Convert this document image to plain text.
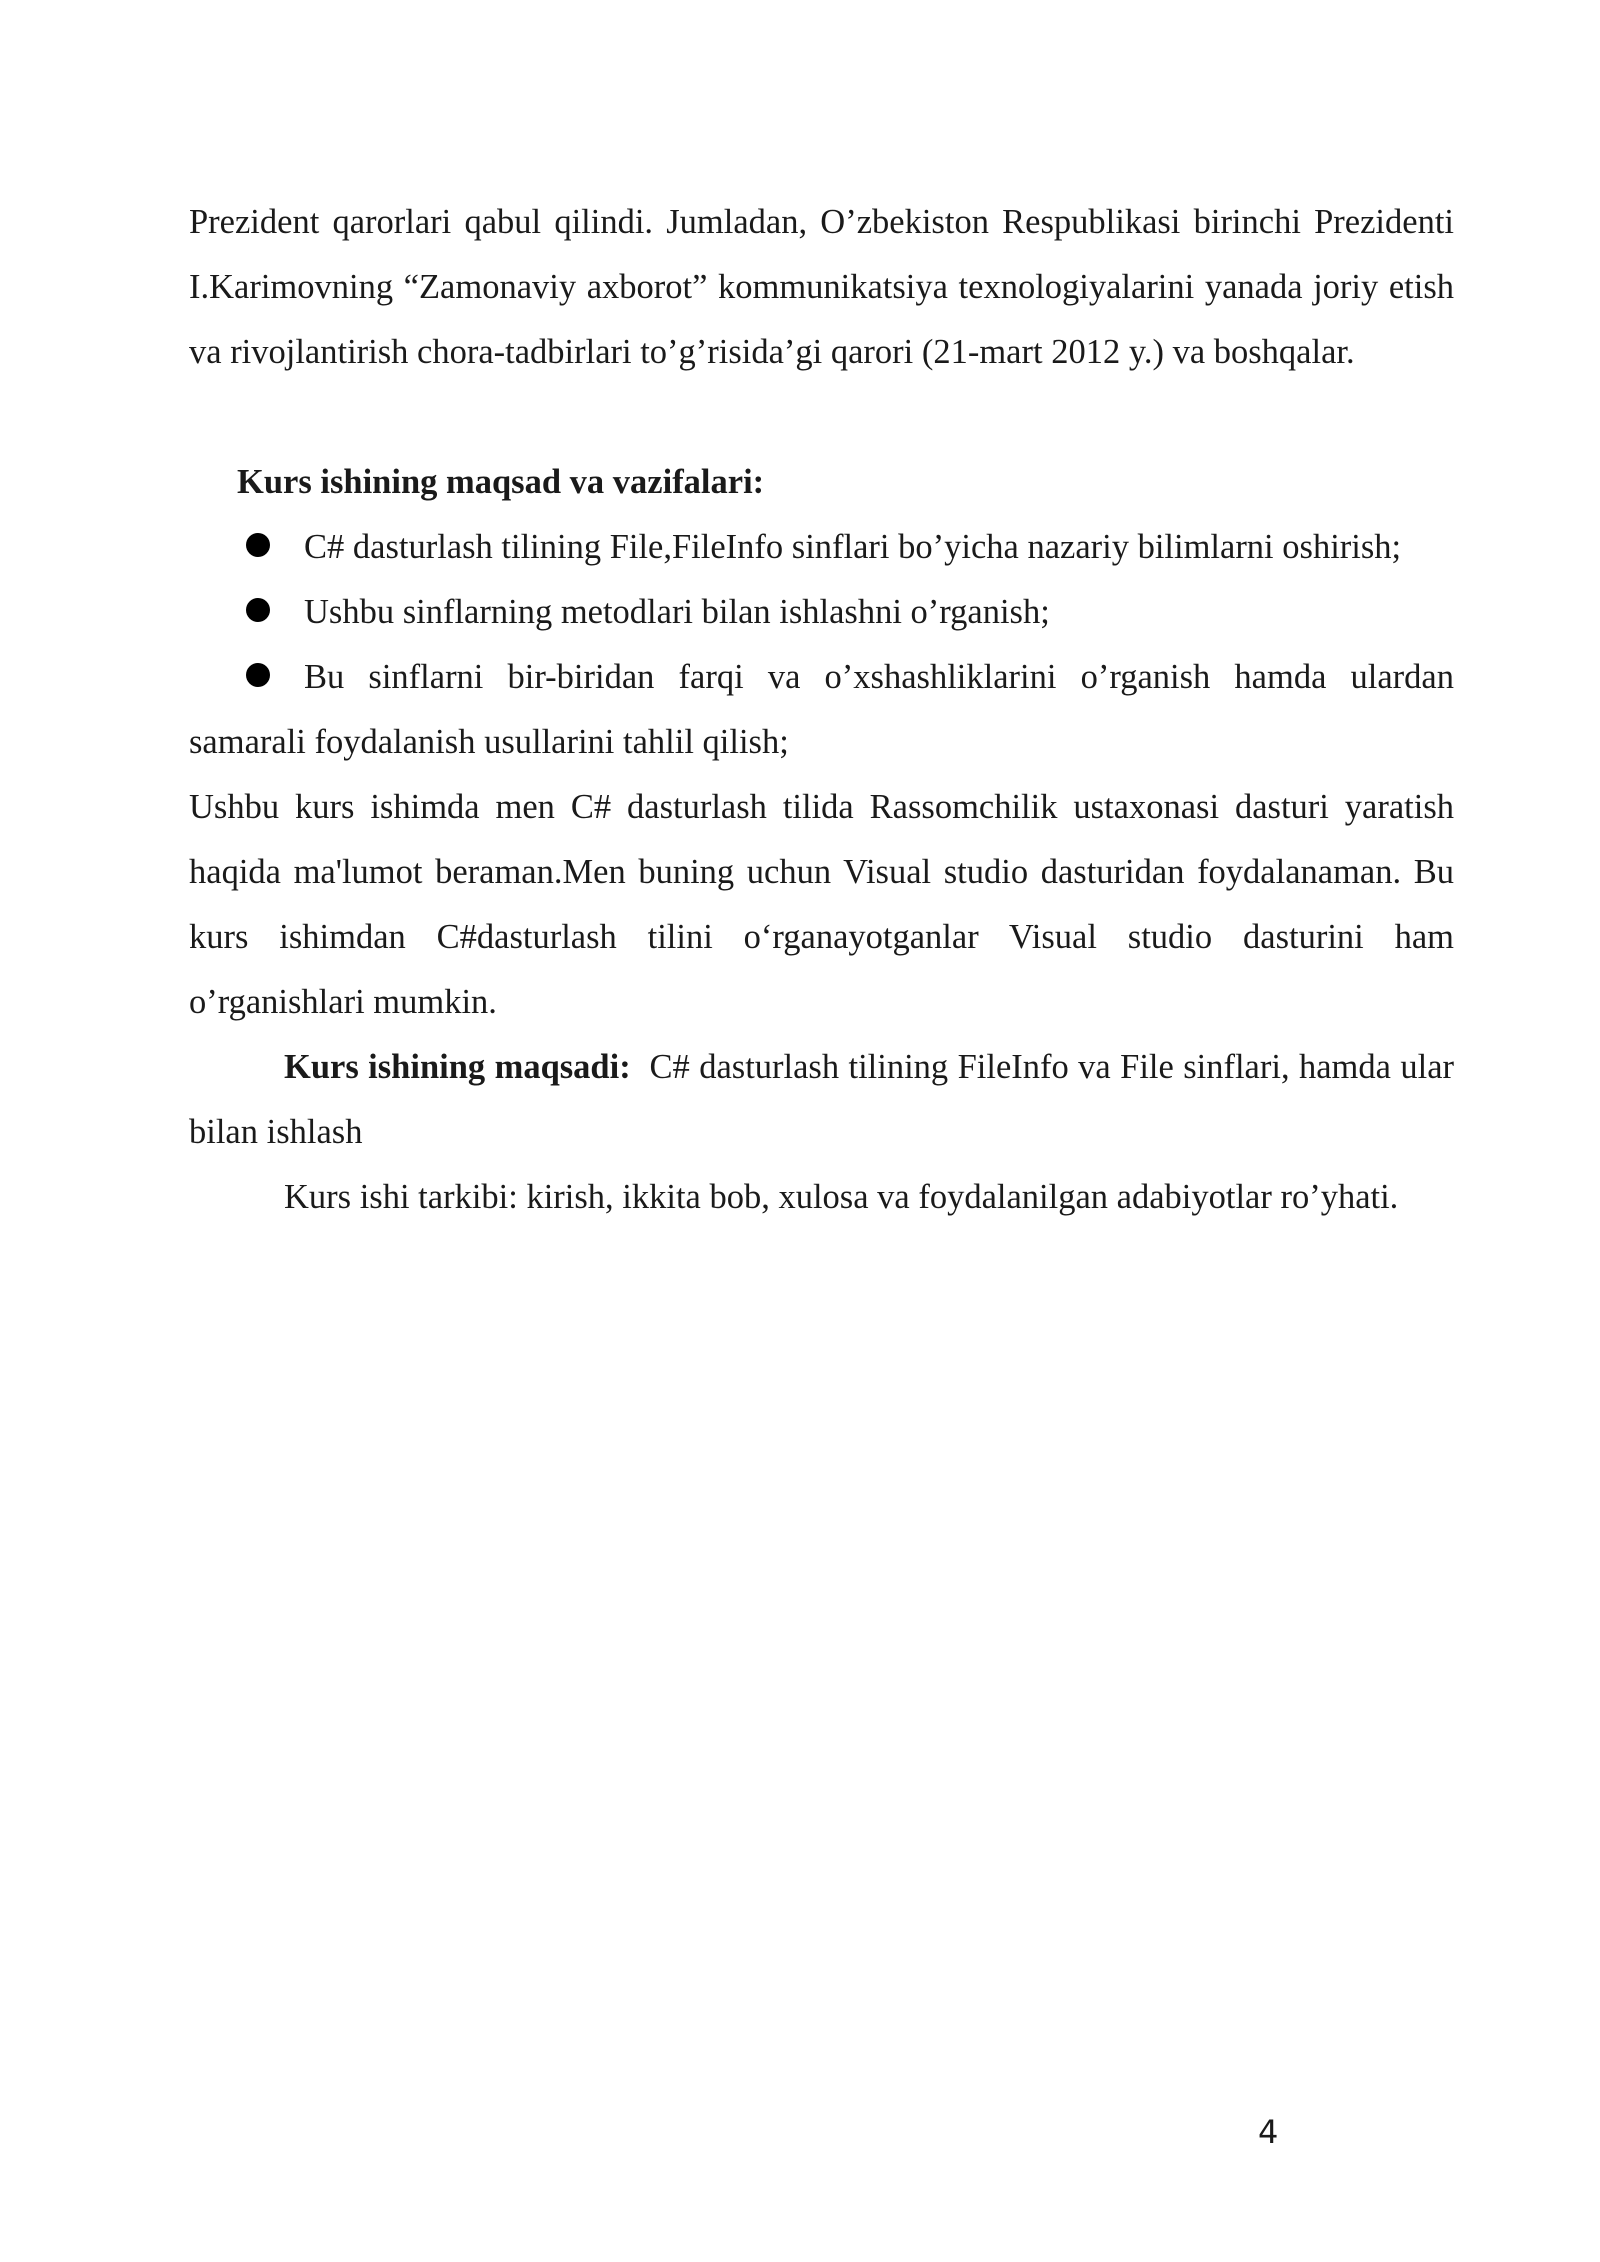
Prezident qarorlari qabul qilindi. Jumladan, O’zbekiston Respublikasi birinchi Prezidenti I.Karimovning “Zamonaviy axborot” kommunikatsiya texnologiyalarini yanada joriy etish va rivojlantirish chora-tadbirlari to’g’risida’gi qarori (21-mart 2012 y.) va boshqalar.

Kurs ishining maqsad va vazifalari:

C# dasturlash tilining File,FileInfo sinflari bo’yicha nazariy bilimlarni oshirish;

Ushbu sinflarning metodlari bilan ishlashni o’rganish;

Bu sinflarni bir-biridan farqi va o’xshashliklarini o’rganish hamda ulardan samarali foydalanish usullarini tahlil qilish;

Ushbu kurs ishimda men C# dasturlash tilida Rassomchilik ustaxonasi dasturi yaratish haqida ma'lumot beraman.Men buning uchun Visual studio dasturidan foydalanaman. Bu kurs ishimdan C#dasturlash tilini o‘rganayotganlar Visual studio dasturini ham o’rganishlari mumkin.

Kurs ishining maqsadi:  C# dasturlash tilining FileInfo va File sinflari, hamda ular bilan ishlash

Kurs ishi tarkibi: kirish, ikkita bob, xulosa va foydalanilgan adabiyotlar ro’yhati.

4
